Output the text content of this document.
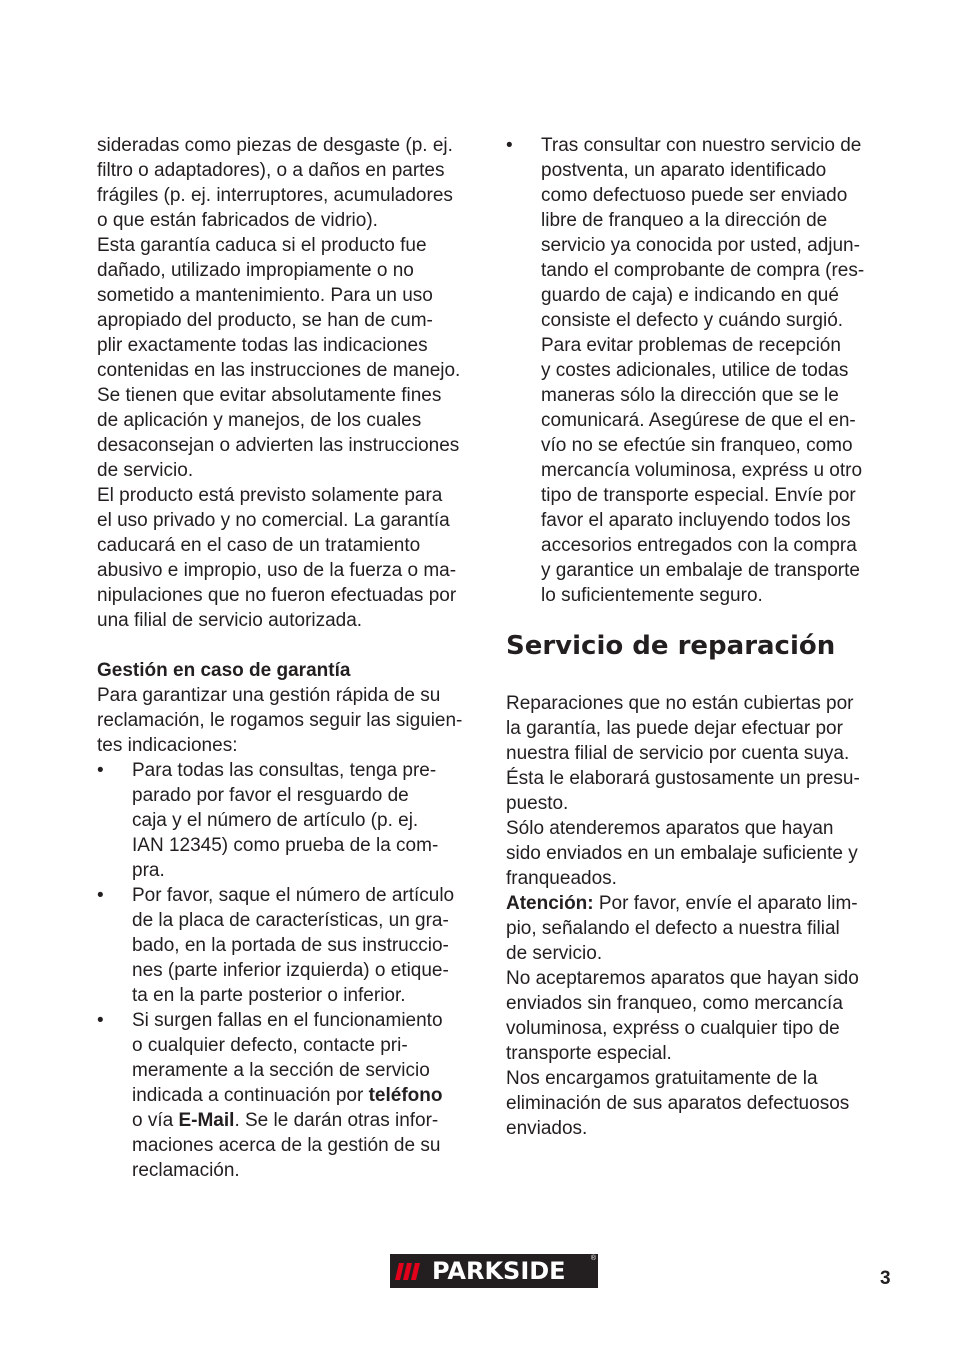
sideradas como piezas de desgaste (p. ej.
filtro o adaptadores), o a daños en partes
frágiles (p. ej. interruptores, acumuladores
o que están fabricados de vidrio).
Esta garantía caduca si el producto fue
dañado, utilizado impropiamente o no
sometido a mantenimiento. Para un uso
apropiado del producto, se han de cum-
plir exactamente todas las indicaciones
contenidas en las instrucciones de manejo.
Se tienen que evitar absolutamente fines
de aplicación y manejos, de los cuales
desaconsejan o advierten las instrucciones
de servicio.
El producto está previsto solamente para
el uso privado y no comercial. La garantía
caducará en el caso de un tratamiento
abusivo e impropio, uso de la fuerza o ma-
nipulaciones que no fueron efectuadas por
una filial de servicio autorizada.
Gestión en caso de garantía
Para garantizar una gestión rápida de su
reclamación, le rogamos seguir las siguien-
tes indicaciones:
• Para todas las consultas, tenga pre-
parado por favor el resguardo de
caja y el número de artículo (p. ej.
IAN 12345) como prueba de la com-
pra.
• Por favor, saque el número de artículo
de la placa de características, un gra-
bado, en la portada de sus instruccio-
nes (parte inferior izquierda) o etique-
ta en la parte posterior o inferior.
• Si surgen fallas en el funcionamiento
o cualquier defecto, contacte pri-
meramente a la sección de servicio
indicada a continuación por teléfono
o vía E-Mail. Se le darán otras infor-
maciones acerca de la gestión de su
reclamación.
• Tras consultar con nuestro servicio de
postventa, un aparato identificado
como defectuoso puede ser enviado
libre de franqueo a la dirección de
servicio ya conocida por usted, adjun-
tando el comprobante de compra (res-
guardo de caja) e indicando en qué
consiste el defecto y cuándo surgió.
Para evitar problemas de recepción
y costes adicionales, utilice de todas
maneras sólo la dirección que se le
comunicará. Asegúrese de que el en-
vío no se efectúe sin franqueo, como
mercancía voluminosa, expréss u otro
tipo de transporte especial. Envíe por
favor el aparato incluyendo todos los
accesorios entregados con la compra
y garantice un embalaje de transporte
lo suficientemente seguro.
Servicio de reparación
Reparaciones que no están cubiertas por
la garantía, las puede dejar efectuar por
nuestra filial de servicio por cuenta suya.
Ésta le elaborará gustosamente un presu-
puesto.
Sólo atenderemos aparatos que hayan
sido enviados en un embalaje suficiente y
franqueados.
Atención: Por favor, envíe el aparato lim-
pio, señalando el defecto a nuestra filial
de servicio.
No aceptaremos aparatos que hayan sido
enviados sin franqueo, como mercancía
voluminosa, expréss o cualquier tipo de
transporte especial.
Nos encargamos gratuitamente de la
eliminación de sus aparatos defectuosos
enviados.
PARKSIDE	®
3
